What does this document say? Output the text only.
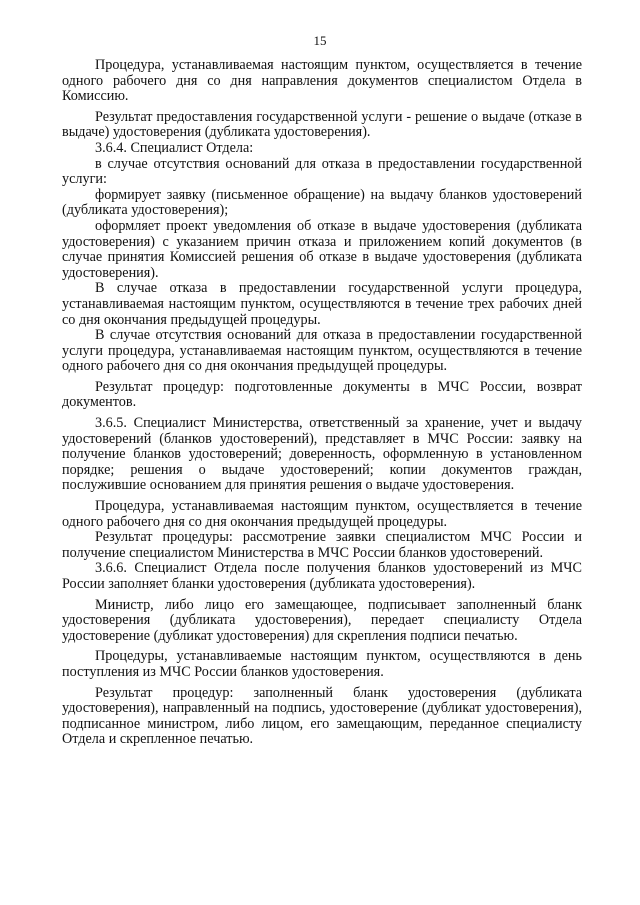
15

Процедура, устанавливаемая настоящим пунктом, осуществляется в течение одного рабочего дня со дня направления документов специалистом Отдела в Комиссию.

Результат предоставления государственной услуги - решение о выдаче (отказе в выдаче) удостоверения (дубликата удостоверения).

3.6.4. Специалист Отдела:

в случае отсутствия оснований для отказа в предоставлении государственной услуги:

формирует заявку (письменное обращение) на выдачу бланков удостоверений (дубликата удостоверения);

оформляет проект уведомления об отказе в выдаче удостоверения (дубликата удостоверения) с указанием причин отказа и приложением копий документов (в случае принятия Комиссией решения об отказе в выдаче удостоверения (дубликата удостоверения).

В случае отказа в предоставлении государственной услуги процедура, устанавливаемая настоящим пунктом, осуществляются в течение трех рабочих дней со дня окончания предыдущей процедуры.

В случае отсутствия оснований для отказа в предоставлении государственной услуги процедура, устанавливаемая настоящим пунктом, осуществляются в течение одного рабочего дня со дня окончания предыдущей процедуры.

Результат процедур: подготовленные документы в МЧС России, возврат документов.

3.6.5. Специалист Министерства, ответственный за хранение, учет и выдачу удостоверений (бланков удостоверений), представляет в МЧС России: заявку на получение бланков удостоверений; доверенность, оформленную в установленном порядке; решения о выдаче удостоверений; копии документов граждан, послужившие основанием для принятия решения о выдаче удостоверения.

Процедура, устанавливаемая настоящим пунктом, осуществляется в течение одного рабочего дня со дня окончания предыдущей процедуры.

Результат процедуры: рассмотрение заявки специалистом МЧС России и получение специалистом Министерства в МЧС России бланков удостоверений.

3.6.6. Специалист Отдела после получения бланков удостоверений из МЧС России заполняет бланки удостоверения (дубликата удостоверения).

Министр, либо лицо его замещающее, подписывает заполненный бланк удостоверения (дубликата удостоверения), передает специалисту Отдела удостоверение (дубликат удостоверения) для скрепления подписи печатью.

Процедуры, устанавливаемые настоящим пунктом, осуществляются в день поступления из МЧС России бланков удостоверения.

Результат процедур: заполненный бланк удостоверения (дубликата удостоверения), направленный на подпись, удостоверение (дубликат удостоверения), подписанное министром, либо лицом, его замещающим, переданное специалисту Отдела и скрепленное печатью.
